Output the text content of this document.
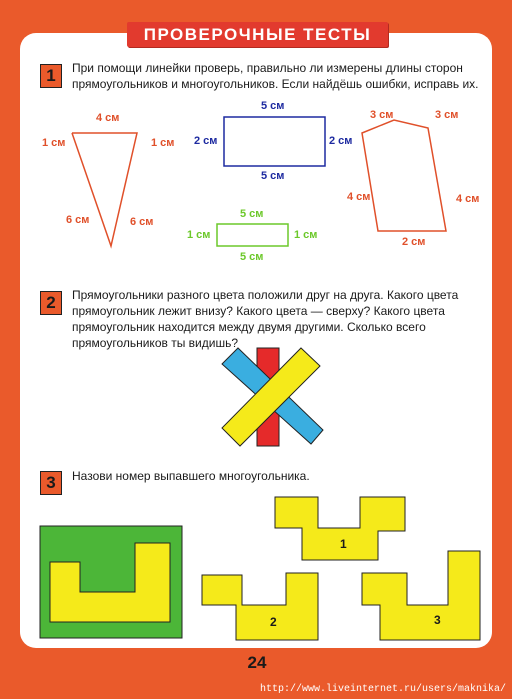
ПРОВЕРОЧНЫЕ ТЕСТЫ
1	При помощи линейки проверь, правильно ли измерены длины сторон прямоугольников и многоугольников. Если найдёшь ошибки, исправь их.
4 см
1 см	1 см
6 см	6 см
5 см
2 см	2 см
5 см
5 см
1 см	1 см
5 см
3 см	3 см
4 см	4 см
2 см
2	Прямоугольники разного цвета положили друг на друга. Какого цвета прямоугольник лежит внизу? Какого цвета — сверху? Какого цвета прямоугольник находится между двумя другими. Сколько всего прямоугольников ты видишь?
3	Назови номер выпавшего многоугольника.
1
2	3
24
http://www.liveinternet.ru/users/maknika/
